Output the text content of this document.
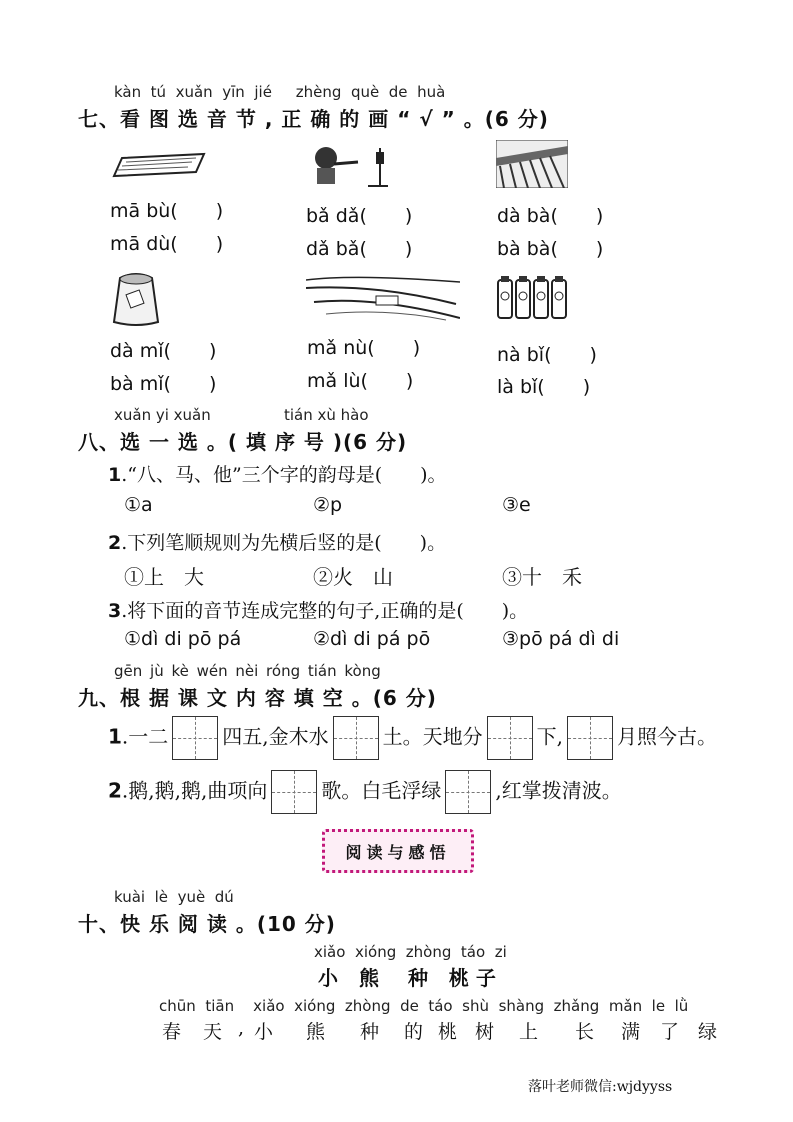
kàn tú xuǎn yīn jié zhèng què de huà
七、看 图 选 音 节 , 正 确 的 画 “ √ ” 。(6 分)
mā bù(　　)
mā dù(　　)
bǎ dǎ(　　)
dǎ bǎ(　　)
dà bà(　　)
bà bà(　　)
dà mǐ(　　)
bà mǐ(　　)
mǎ nù(　　)
mǎ lù(　　)
nà bǐ(　　)
là bǐ(　　)
xuǎn yi xuǎn	tián xù hào
八、选 一 选 。( 填 序 号 )(6 分)
1.“八、马、他”三个字的韵母是(　　)。
①a	②p	③e
2.下列笔顺规则为先横后竖的是(　　)。
①上　大	②火　山	③十　禾
3.将下面的音节连成完整的句子,正确的是(　　)。
①dì di pō pá	②dì di pá pō	③pō pá dì di
gēn jù kè wén nèi róng tián kòng
九、根 据 课 文 内 容 填 空 。(6 分)
1.一二	四五,金木水	土。天地分	下,	月照今古。
2.鹅,鹅,鹅,曲项向	歌。白毛浮绿	,红掌拨清波。
阅读与感悟
kuài lè yuè dú
十、快 乐 阅 读 。(10 分)
xiǎo xióng zhòng táo zi
小 熊 种 桃 子
chūn tiān xiǎo xióng zhòng de táo shù shàng zhǎng mǎn le lǜ
春 天 , 小 熊 种 的 桃 树 上 长 满 了 绿
落叶老师微信:wjdyyss
